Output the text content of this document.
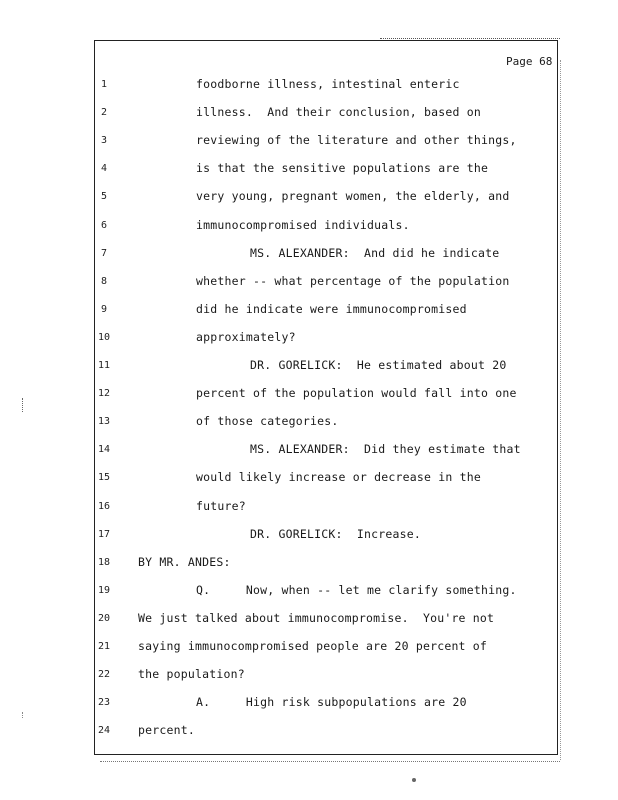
Page 68
1	foodborne illness, intestinal enteric
2	illness.  And their conclusion, based on
3	reviewing of the literature and other things,
4	is that the sensitive populations are the
5	very young, pregnant women, the elderly, and
6	immunocompromised individuals.
7	MS. ALEXANDER:  And did he indicate
8	whether -- what percentage of the population
9	did he indicate were immunocompromised
10	approximately?
11	DR. GORELICK:  He estimated about 20
12	percent of the population would fall into one
13	of those categories.
14	MS. ALEXANDER:  Did they estimate that
15	would likely increase or decrease in the
16	future?
17	DR. GORELICK:  Increase.
18	BY MR. ANDES:
19	Q.     Now, when -- let me clarify something.
20	We just talked about immunocompromise.  You're not
21	saying immunocompromised people are 20 percent of
22	the population?
23	A.     High risk subpopulations are 20
24	percent.
